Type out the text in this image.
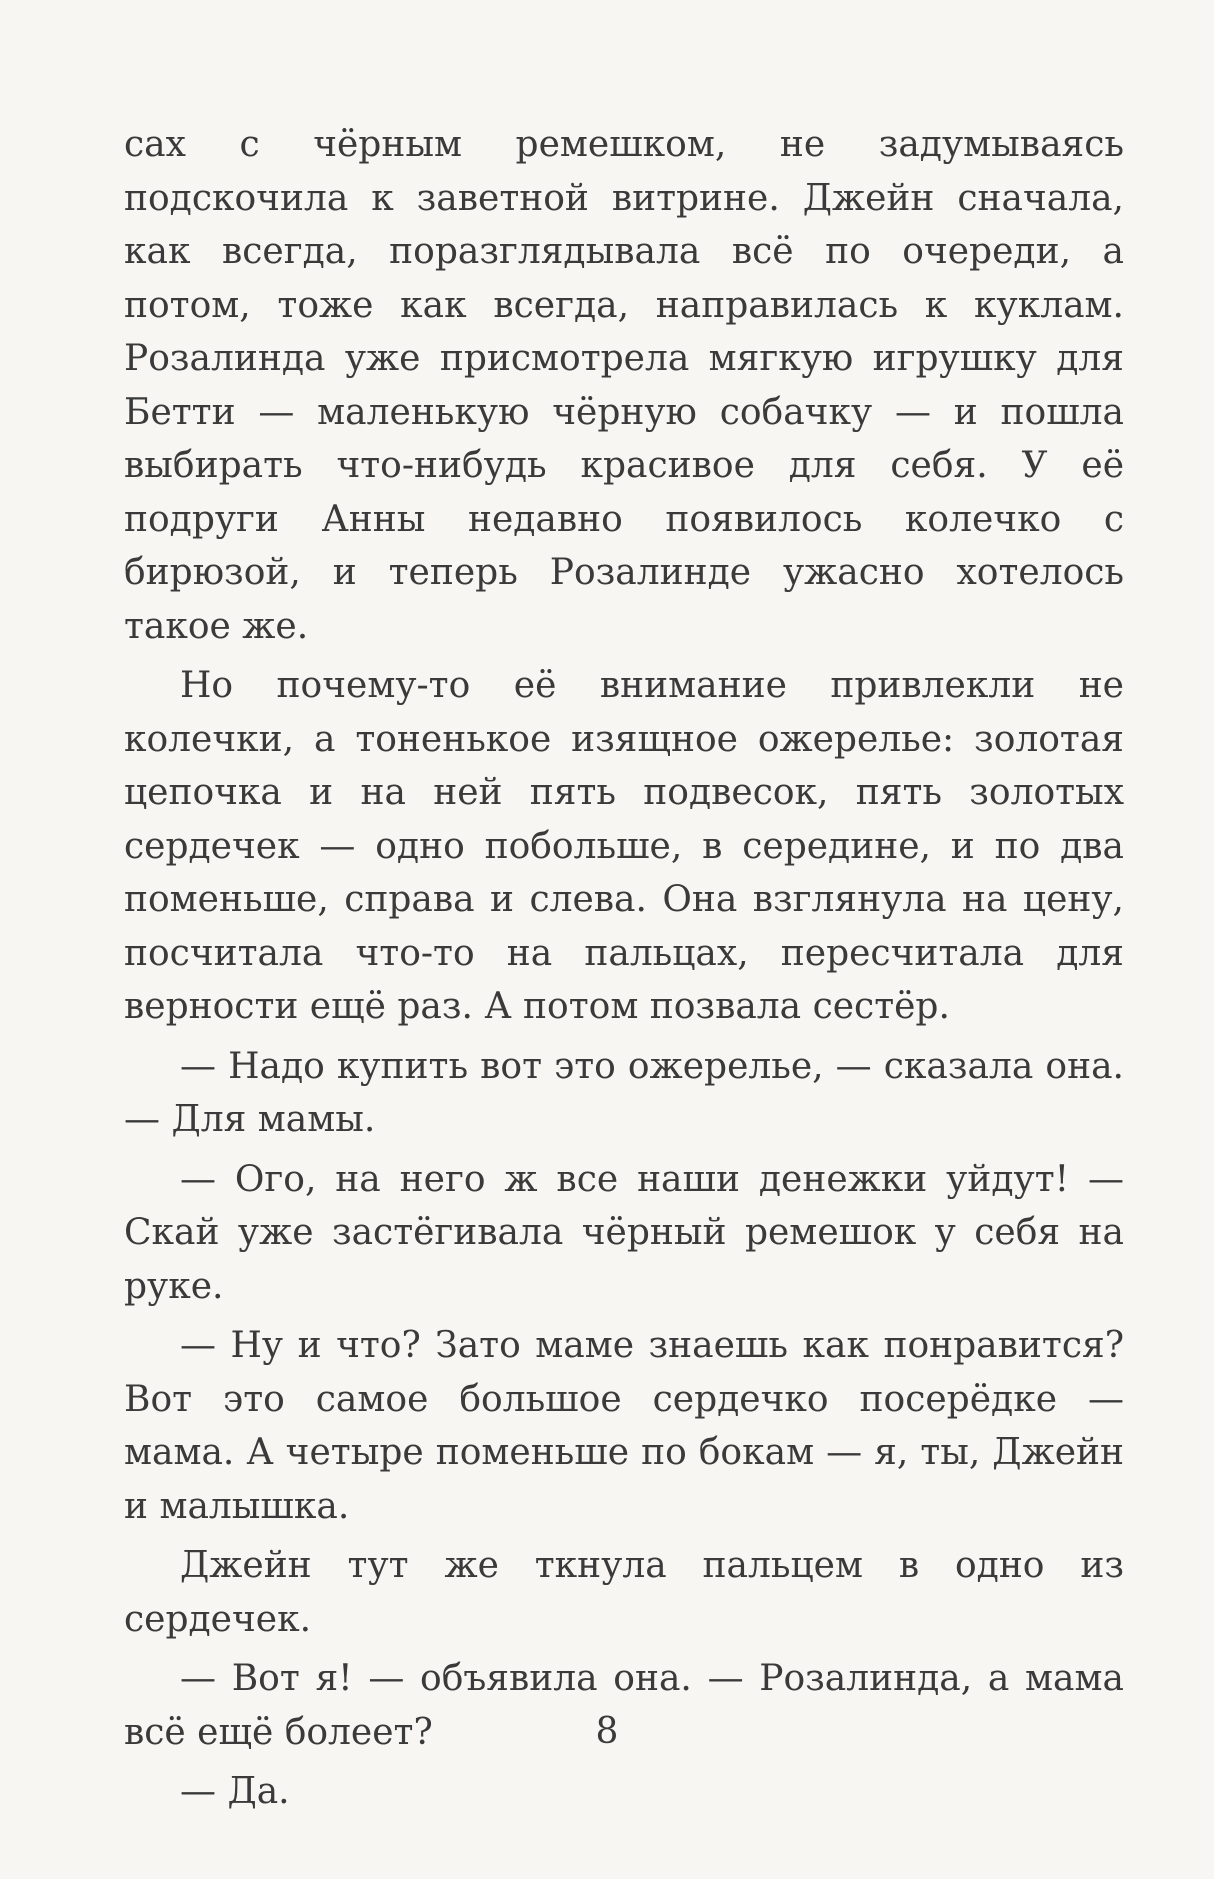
сах с чёрным ремешком, не задумываясь подскочила к заветной витрине. Джейн сначала, как всегда, поразглядывала всё по очереди, а потом, тоже как всегда, направилась к куклам. Розалинда уже присмотрела мягкую игрушку для Бетти — маленькую чёрную собачку — и пошла выбирать что-нибудь красивое для себя. У её подруги Анны недавно появилось колечко с бирюзой, и теперь Розалинде ужасно хотелось такое же.

Но почему-то её внимание привлекли не колечки, а тоненькое изящное ожерелье: золотая цепочка и на ней пять подвесок, пять золотых сердечек — одно побольше, в середине, и по два поменьше, справа и слева. Она взглянула на цену, посчитала что-то на пальцах, пересчитала для верности ещё раз. А потом позвала сестёр.

— Надо купить вот это ожерелье, — сказала она. — Для мамы.

— Ого, на него ж все наши денежки уйдут! — Скай уже застёгивала чёрный ремешок у себя на руке.

— Ну и что? Зато маме знаешь как понравится? Вот это самое большое сердечко посерёдке — мама. А четыре поменьше по бокам — я, ты, Джейн и малышка.

Джейн тут же ткнула пальцем в одно из сердечек.

— Вот я! — объявила она. — Розалинда, а мама всё ещё болеет?

— Да.

8
